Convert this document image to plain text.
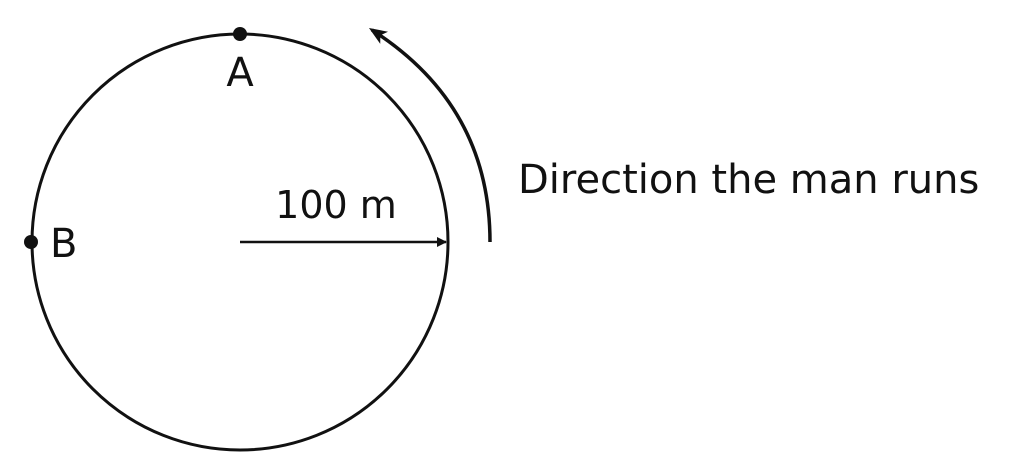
A
B
100 m
Direction the man runs
